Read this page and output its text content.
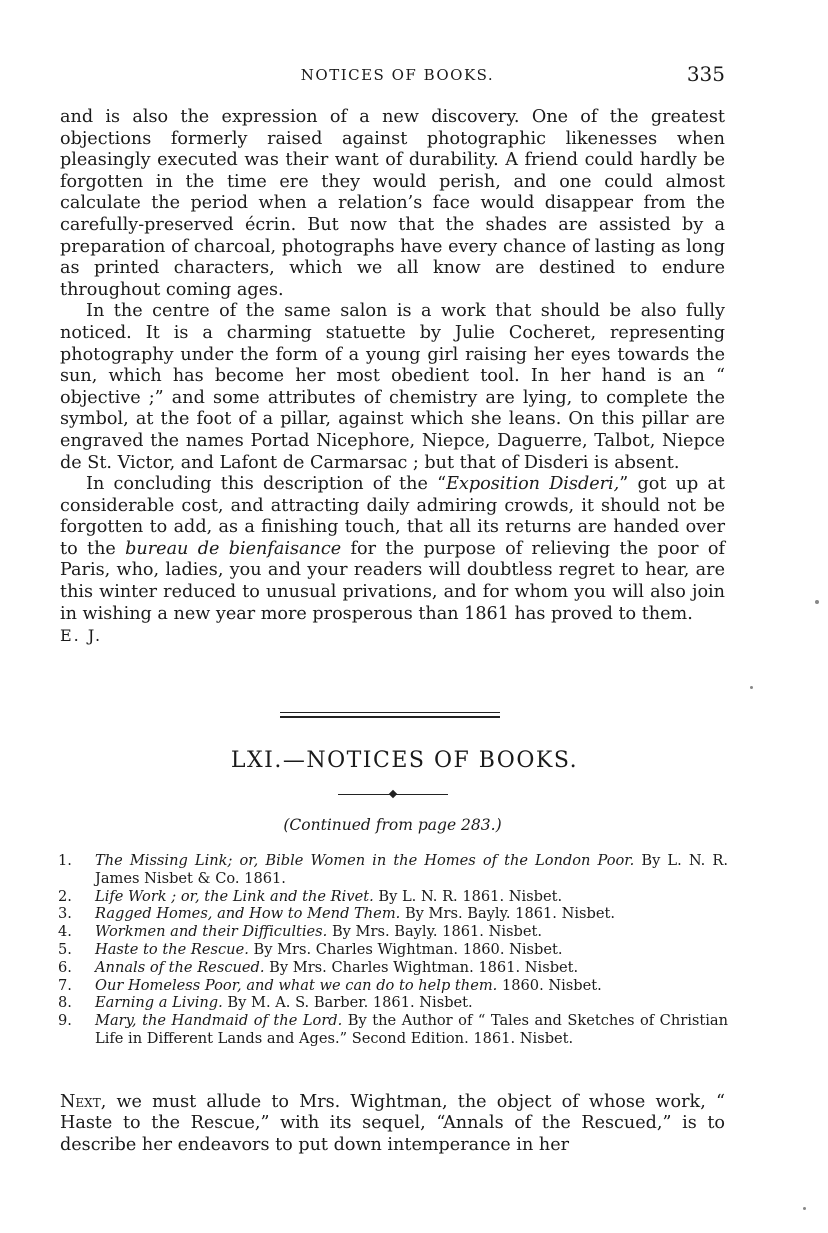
NOTICES OF BOOKS.	335

and is also the expression of a new discovery. One of the greatest objections formerly raised against photographic likenesses when pleasingly executed was their want of durability. A friend could hardly be forgotten in the time ere they would perish, and one could almost calculate the period when a relation’s face would disappear from the carefully-preserved écrin. But now that the shades are assisted by a preparation of charcoal, photographs have every chance of lasting as long as printed characters, which we all know are destined to endure throughout coming ages.

In the centre of the same salon is a work that should be also fully noticed. It is a charming statuette by Julie Cocheret, representing photography under the form of a young girl raising her eyes towards the sun, which has become her most obedient tool. In her hand is an “ objective ;” and some attributes of chemistry are lying, to complete the symbol, at the foot of a pillar, against which she leans. On this pillar are engraved the names Portad Nicephore, Niepce, Daguerre, Talbot, Niepce de St. Victor, and Lafont de Carmarsac ; but that of Disderi is absent.

In concluding this description of the “Exposition Disderi,” got up at considerable cost, and attracting daily admiring crowds, it should not be forgotten to add, as a finishing touch, that all its returns are handed over to the bureau de bienfaisance for the purpose of relieving the poor of Paris, who, ladies, you and your readers will doubtless regret to hear, are this winter reduced to unusual privations, and for whom you will also join in wishing a new year more prosperous than 1861 has proved to them.

E. J.

LXI.—NOTICES OF BOOKS.
(Continued from page 283.)
1. The Missing Link; or, Bible Women in the Homes of the London Poor. By L. N. R. James Nisbet & Co. 1861.
2. Life Work ; or, the Link and the Rivet. By L. N. R. 1861. Nisbet.
3. Ragged Homes, and How to Mend Them. By Mrs. Bayly. 1861. Nisbet.
4. Workmen and their Difficulties. By Mrs. Bayly. 1861. Nisbet.
5. Haste to the Rescue. By Mrs. Charles Wightman. 1860. Nisbet.
6. Annals of the Rescued. By Mrs. Charles Wightman. 1861. Nisbet.
7. Our Homeless Poor, and what we can do to help them. 1860. Nisbet.
8. Earning a Living. By M. A. S. Barber. 1861. Nisbet.
9. Mary, the Handmaid of the Lord. By the Author of “ Tales and Sketches of Christian Life in Different Lands and Ages.” Second Edition. 1861. Nisbet.

Next, we must allude to Mrs. Wightman, the object of whose work, “ Haste to the Rescue,” with its sequel, “Annals of the Rescued,” is to describe her endeavors to put down intemperance in her
